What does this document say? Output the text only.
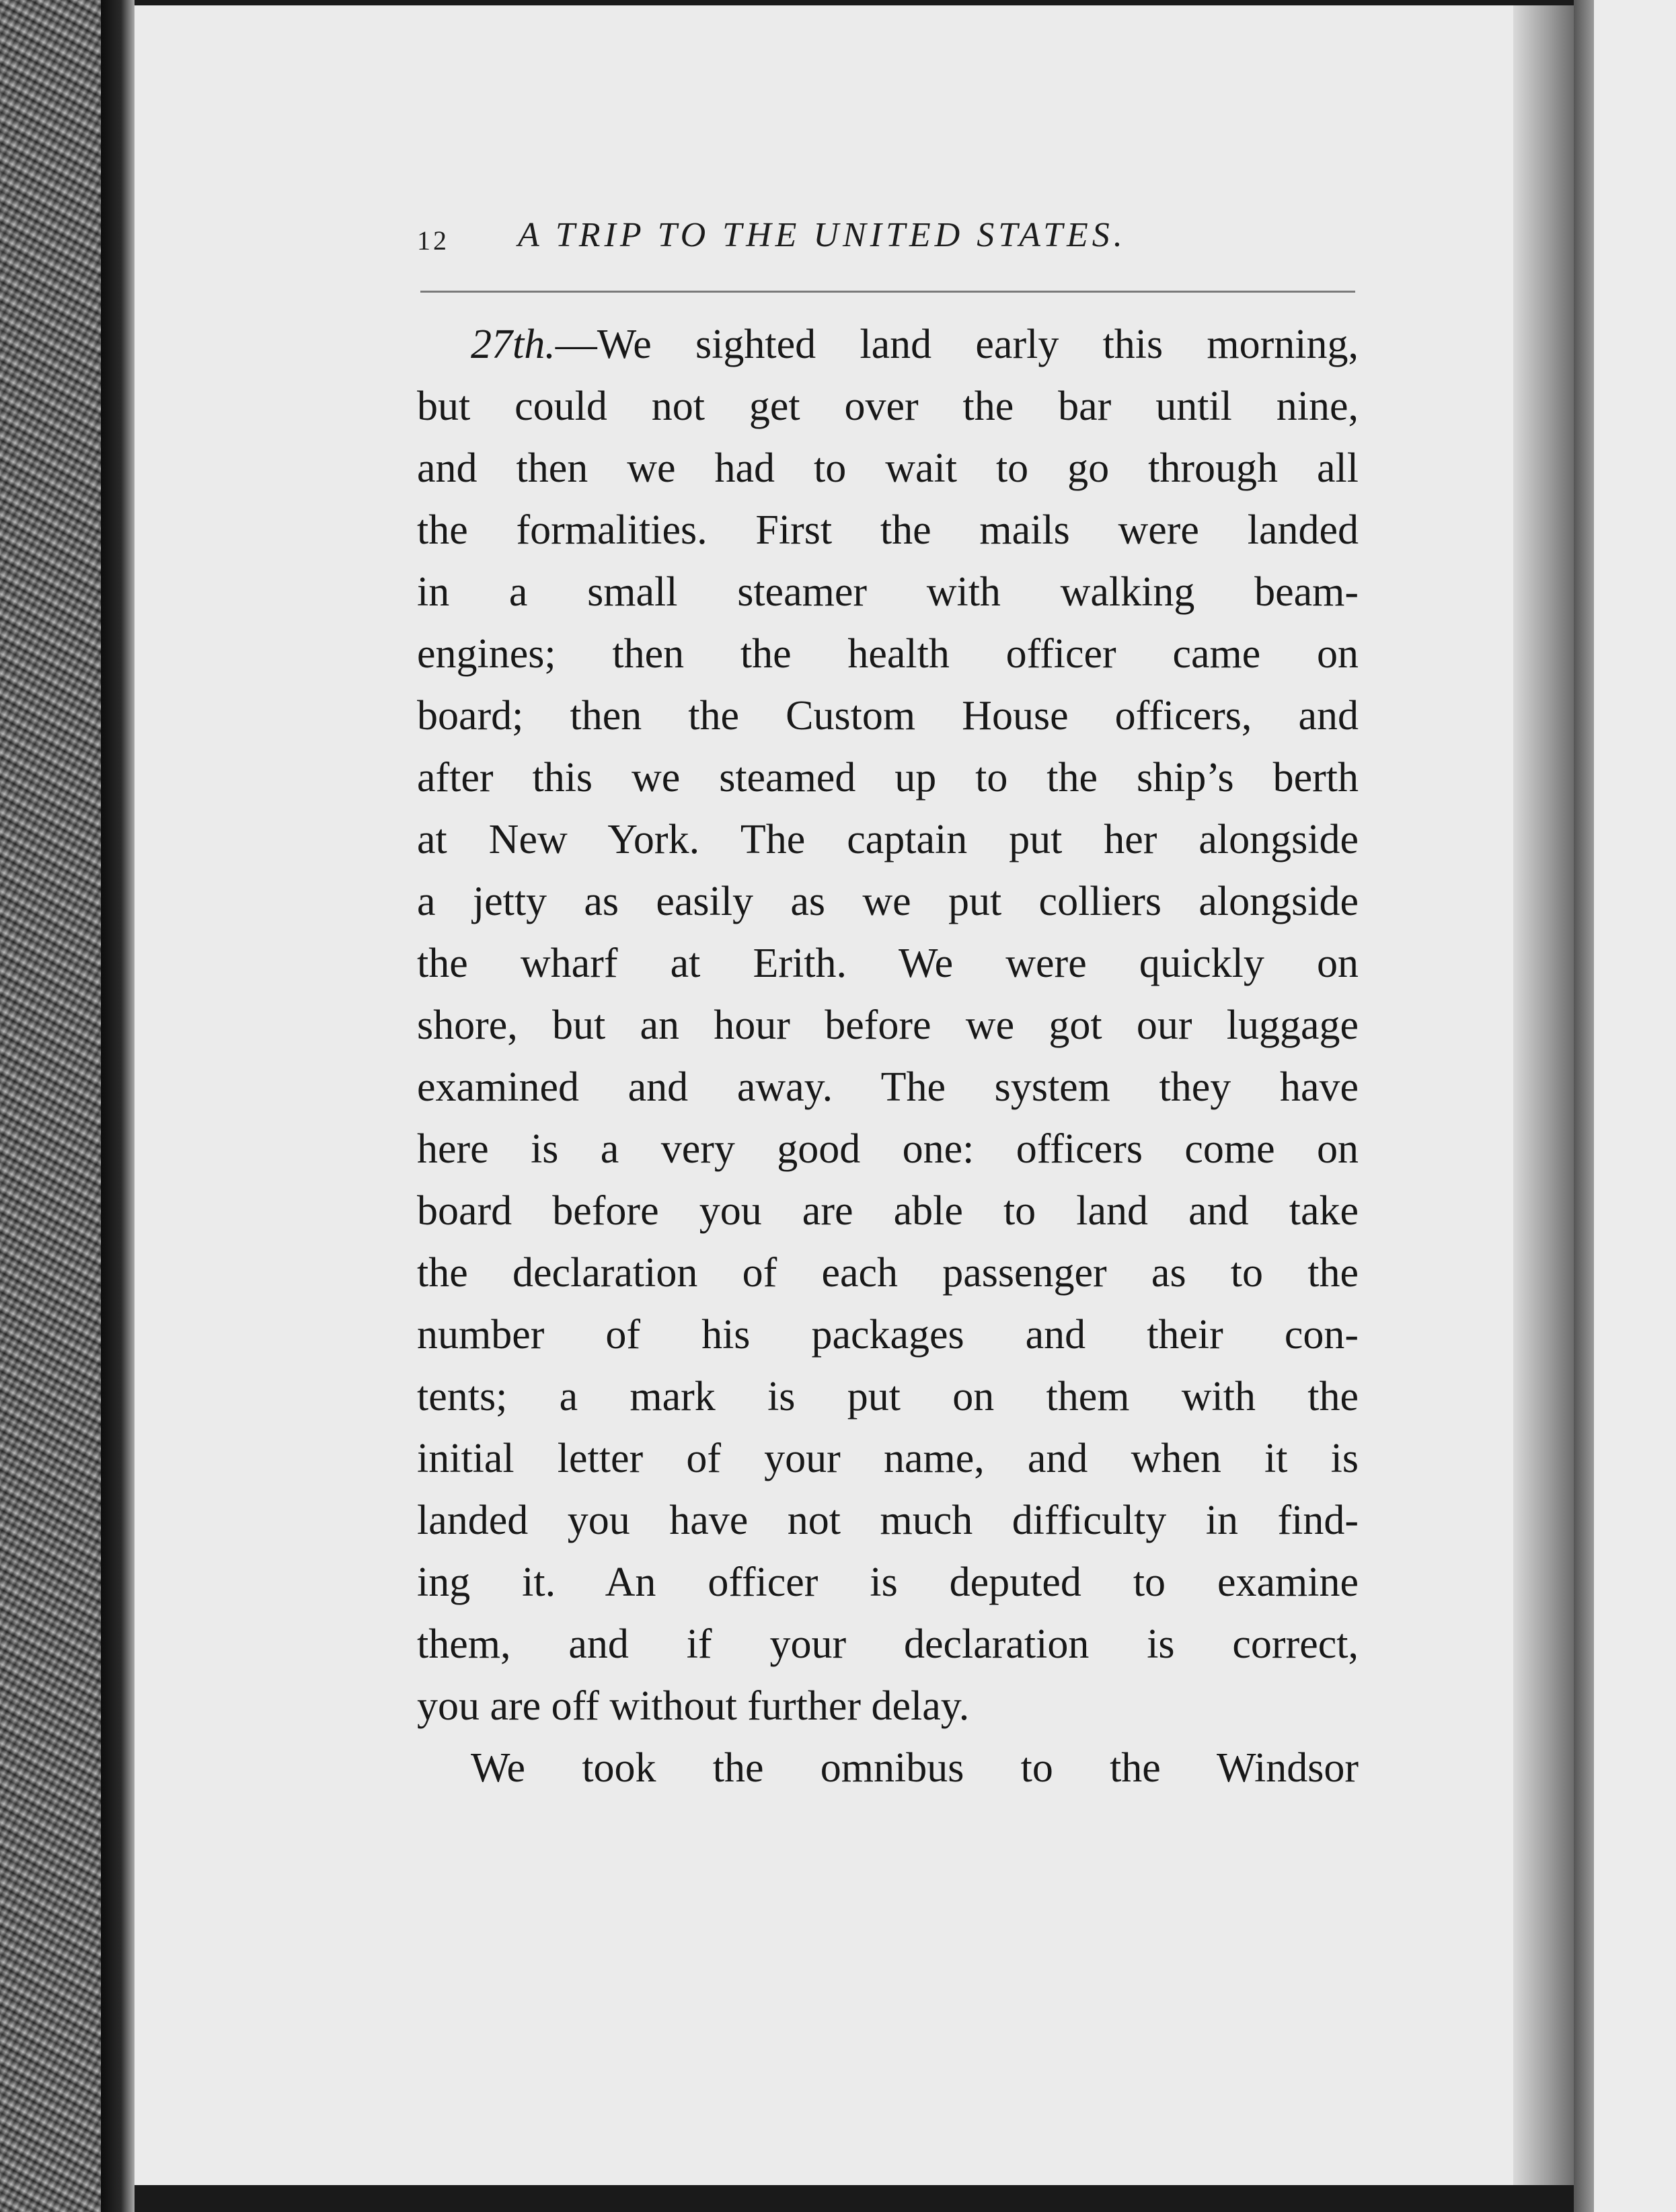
12 A TRIP TO THE UNITED STATES.
27th.—We sighted land early this morning,
but could not get over the bar until nine,
and then we had to wait to go through all
the formalities. First the mails were landed
in a small steamer with walking beam-
engines; then the health officer came on
board; then the Custom House officers, and
after this we steamed up to the ship’s berth
at New York. The captain put her alongside
a jetty as easily as we put colliers alongside
the wharf at Erith. We were quickly on
shore, but an hour before we got our luggage
examined and away. The system they have
here is a very good one: officers come on
board before you are able to land and take
the declaration of each passenger as to the
number of his packages and their con-
tents; a mark is put on them with the
initial letter of your name, and when it is
landed you have not much difficulty in find-
ing it. An officer is deputed to examine
them, and if your declaration is correct,
you are off without further delay.
We took the omnibus to the Windsor
